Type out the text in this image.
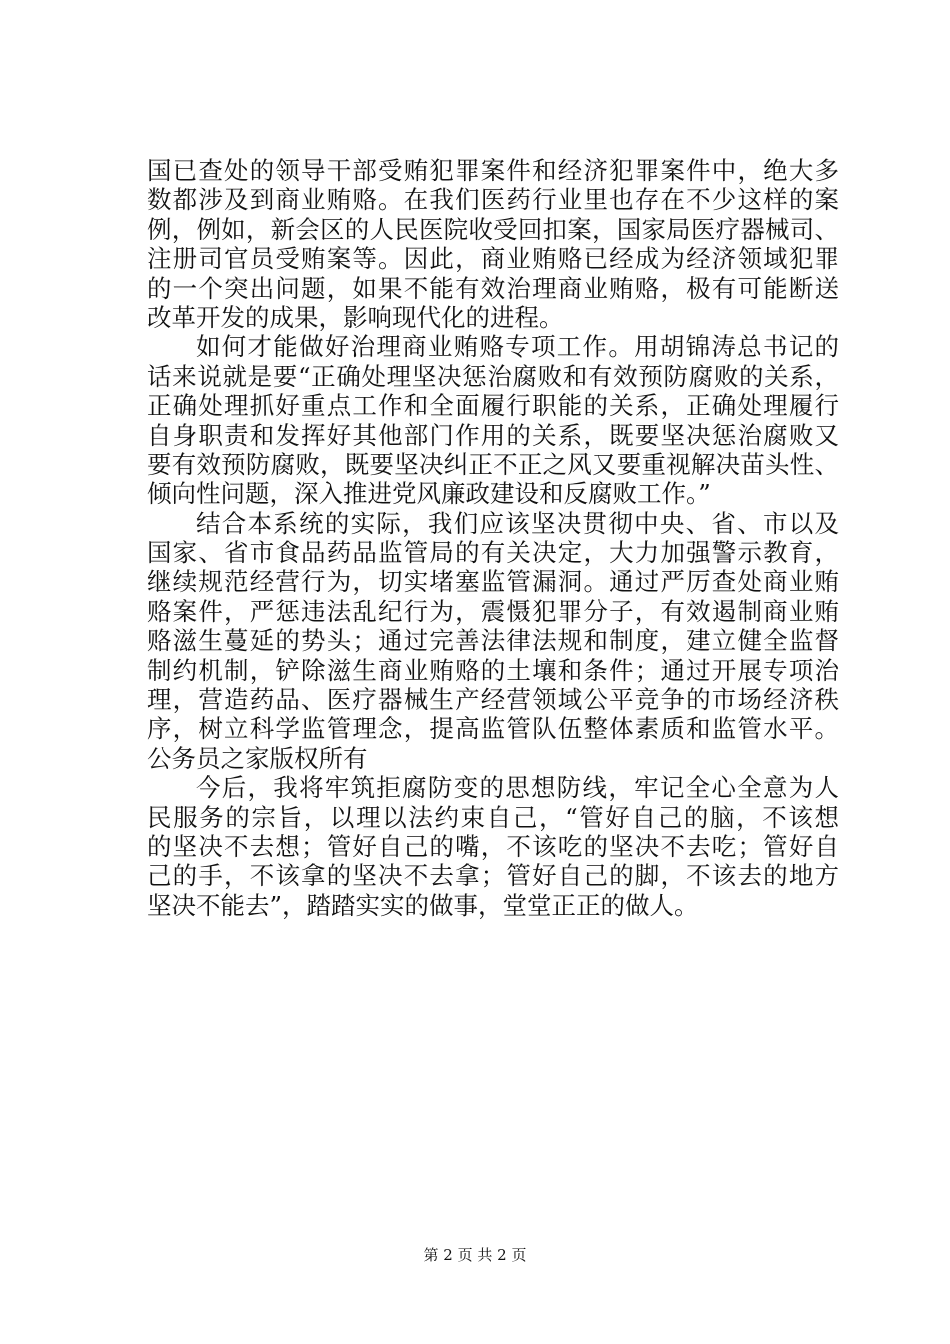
国已查处的领导干部受贿犯罪案件和经济犯罪案件中，绝大多
数都涉及到商业贿赂。在我们医药行业里也存在不少这样的案
例，例如，新会区的人民医院收受回扣案，国家局医疗器械司、
注册司官员受贿案等。因此，商业贿赂已经成为经济领域犯罪
的一个突出问题，如果不能有效治理商业贿赂，极有可能断送
改革开发的成果，影响现代化的进程。
如何才能做好治理商业贿赂专项工作。用胡锦涛总书记的
话来说就是要“正确处理坚决惩治腐败和有效预防腐败的关系，
正确处理抓好重点工作和全面履行职能的关系，正确处理履行
自身职责和发挥好其他部门作用的关系，既要坚决惩治腐败又
要有效预防腐败，既要坚决纠正不正之风又要重视解决苗头性、
倾向性问题，深入推进党风廉政建设和反腐败工作。”
结合本系统的实际，我们应该坚决贯彻中央、省、市以及
国家、省市食品药品监管局的有关决定，大力加强警示教育，
继续规范经营行为，切实堵塞监管漏洞。通过严厉查处商业贿
赂案件，严惩违法乱纪行为，震慑犯罪分子，有效遏制商业贿
赂滋生蔓延的势头；通过完善法律法规和制度，建立健全监督
制约机制，铲除滋生商业贿赂的土壤和条件；通过开展专项治
理，营造药品、医疗器械生产经营领域公平竞争的市场经济秩
序，树立科学监管理念，提高监管队伍整体素质和监管水平。
公务员之家版权所有
今后，我将牢筑拒腐防变的思想防线，牢记全心全意为人
民服务的宗旨，以理以法约束自己，“管好自己的脑，不该想
的坚决不去想；管好自己的嘴，不该吃的坚决不去吃；管好自
己的手，不该拿的坚决不去拿；管好自己的脚，不该去的地方
坚决不能去”，踏踏实实的做事，堂堂正正的做人。
第 2 页 共 2 页
